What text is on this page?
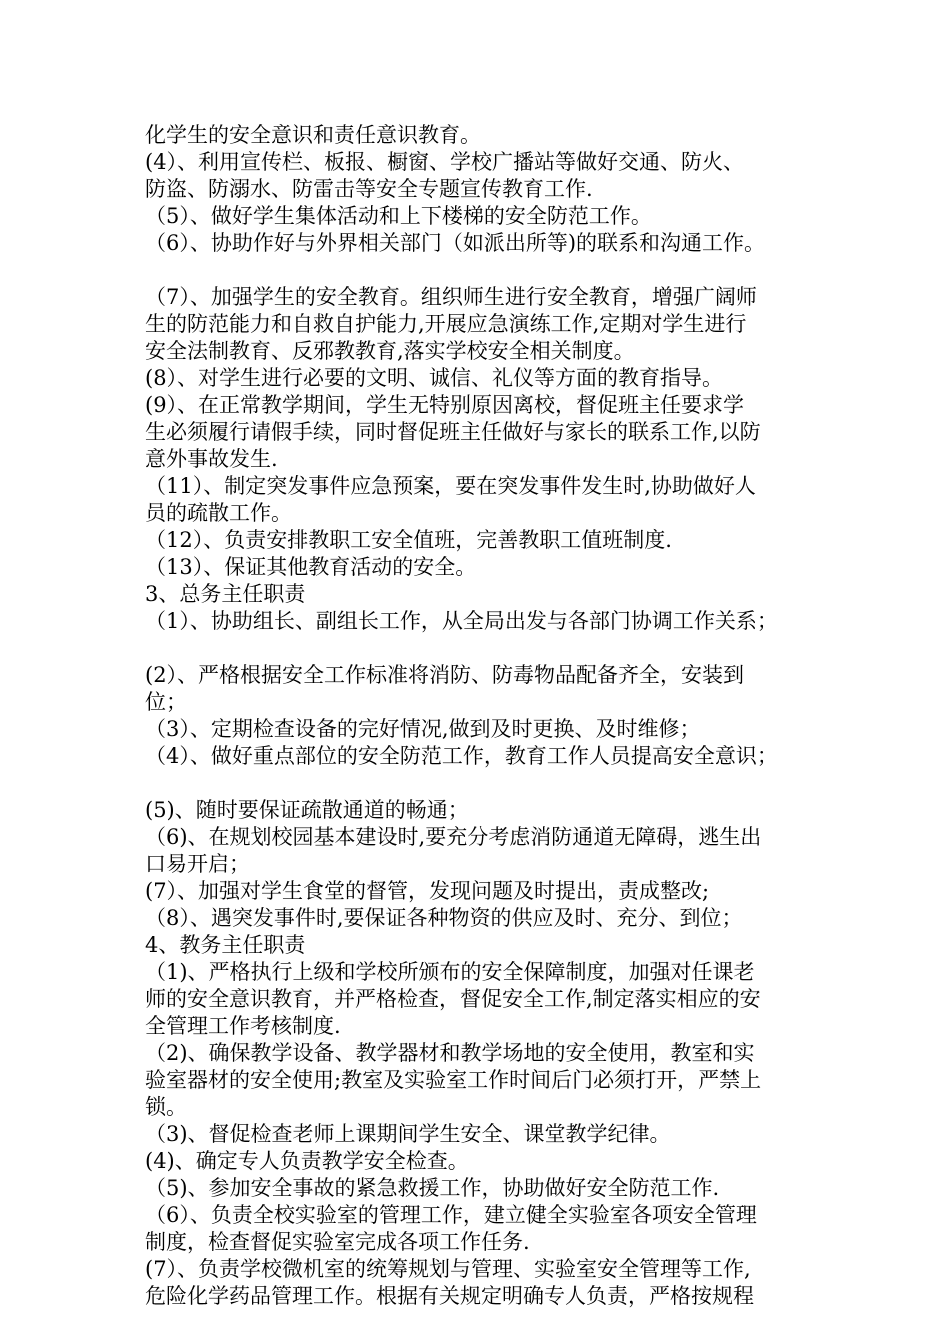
化学生的安全意识和责任意识教育。
(4）、利用宣传栏、板报、橱窗、学校广播站等做好交通、防火、
防盗、防溺水、防雷击等安全专题宣传教育工作.
（5）、做好学生集体活动和上下楼梯的安全防范工作。
（6）、协助作好与外界相关部门（如派出所等)的联系和沟通工作。
（7）、加强学生的安全教育。组织师生进行安全教育，增强广阔师
生的防范能力和自救自护能力,开展应急演练工作,定期对学生进行
安全法制教育、反邪教教育,落实学校安全相关制度。
(8）、对学生进行必要的文明、诚信、礼仪等方面的教育指导。
(9）、在正常教学期间，学生无特别原因离校，督促班主任要求学
生必须履行请假手续，同时督促班主任做好与家长的联系工作,以防
意外事故发生.
（11）、制定突发事件应急预案，要在突发事件发生时,协助做好人
员的疏散工作。
（12）、负责安排教职工安全值班，完善教职工值班制度.
（13）、保证其他教育活动的安全。
3、总务主任职责
（1）、协助组长、副组长工作，从全局出发与各部门协调工作关系；
(2）、严格根据安全工作标准将消防、防毒物品配备齐全，安装到
位；
（3）、定期检查设备的完好情况,做到及时更换、及时维修；
（4）、做好重点部位的安全防范工作，教育工作人员提高安全意识；
(5)、随时要保证疏散通道的畅通；
（6)、在规划校园基本建设时,要充分考虑消防通道无障碍，逃生出
口易开启；
(7）、加强对学生食堂的督管，发现问题及时提出，责成整改;
（8）、遇突发事件时,要保证各种物资的供应及时、充分、到位；
4、教务主任职责
（1)、严格执行上级和学校所颁布的安全保障制度，加强对任课老
师的安全意识教育，并严格检查，督促安全工作,制定落实相应的安
全管理工作考核制度.
（2)、确保教学设备、教学器材和教学场地的安全使用，教室和实
验室器材的安全使用;教室及实验室工作时间后门必须打开，严禁上
锁。
（3)、督促检查老师上课期间学生安全、课堂教学纪律。
(4)、确定专人负责教学安全检查。
（5)、参加安全事故的紧急救援工作，协助做好安全防范工作.
（6）、负责全校实验室的管理工作，建立健全实验室各项安全管理
制度，检查督促实验室完成各项工作任务.
(7）、负责学校微机室的统筹规划与管理、实验室安全管理等工作,
危险化学药品管理工作。根据有关规定明确专人负责，严格按规程
